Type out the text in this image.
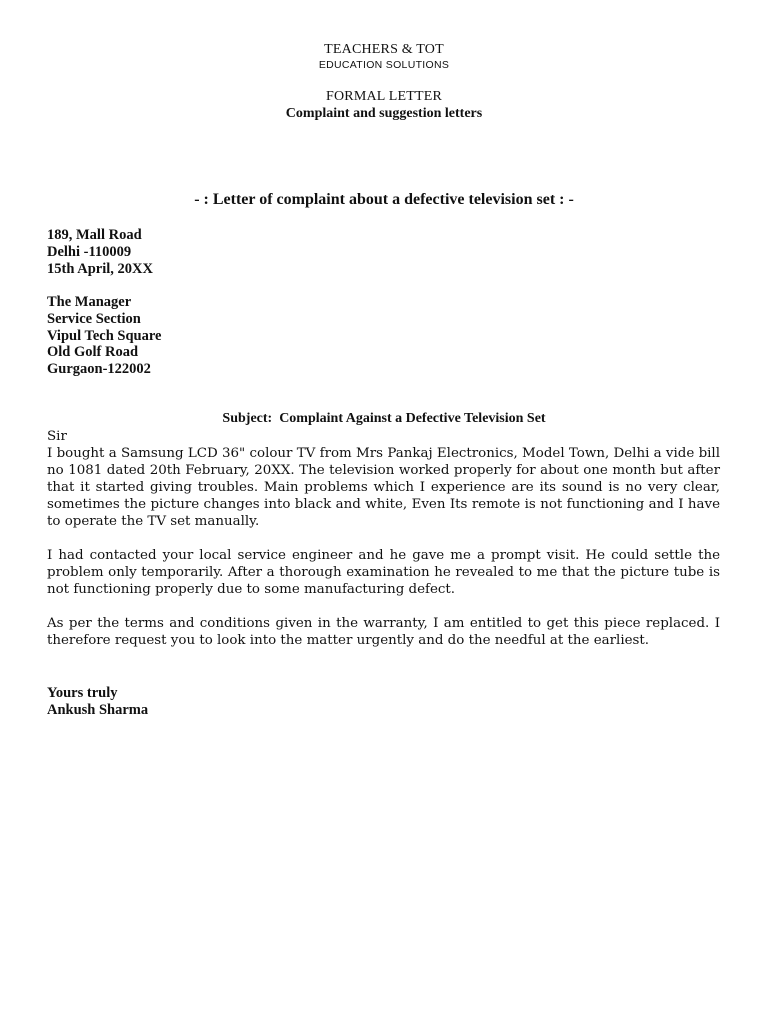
TEACHERS & TOT
EDUCATION SOLUTIONS
FORMAL LETTER
Complaint and suggestion letters
- : Letter of complaint about a defective television set : -
189, Mall Road
Delhi -110009
15th April, 20XX
The Manager
Service Section
Vipul Tech Square
Old Golf Road
Gurgaon-122002
Subject:  Complaint Against a Defective Television Set

Sir

I bought a Samsung LCD 36" colour TV from Mrs Pankaj Electronics, Model Town, Delhi a vide bill no 1081 dated 20th February, 20XX. The television worked properly for about one month but after that it started giving troubles. Main problems which I experience are its sound is no very clear, sometimes the picture changes into black and white, Even Its remote is not functioning and I have to operate the TV set manually.

I had contacted your local service engineer and he gave me a prompt visit. He could settle the problem only temporarily. After a thorough examination he revealed to me that the picture tube is not functioning properly due to some manufacturing defect.

As per the terms and conditions given in the warranty, I am entitled to get this piece replaced. I therefore request you to look into the matter urgently and do the needful at the earliest.

Yours truly
Ankush Sharma
